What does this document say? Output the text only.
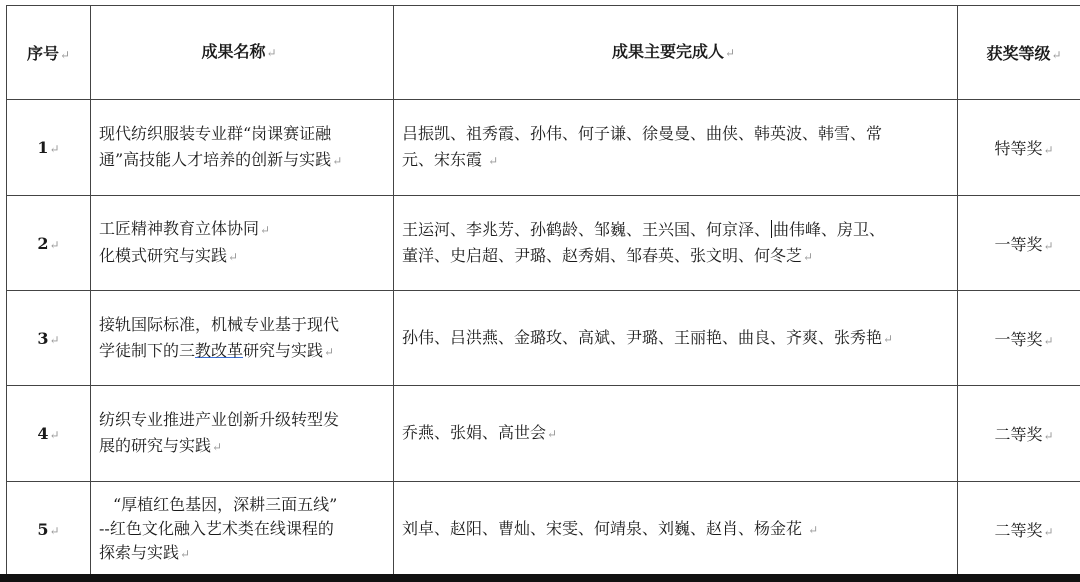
序号↵	成果名称↵	成果主要完成人↵	获奖等级↵
1↵	现代纺织服装专业群“岗课赛证融
通”高技能人才培养的创新与实践↵	吕振凯、祖秀霞、孙伟、何子谦、徐曼曼、曲侠、韩英波、韩雪、常
元、宋东霞 ↵	特等奖↵
2↵	工匠精神教育立体协同↵
化模式研究与实践↵	王运河、李兆芳、孙鹤龄、邹巍、王兴国、何京泽、 曲伟峰、房卫、
董洋、史启超、尹璐、赵秀娟、邹春英、张文明、何冬芝↵	一等奖↵
3↵	接轨国际标准，机械专业基于现代
学徒制下的三教改革研究与实践↵	孙伟、吕洪燕、金璐玫、高斌、尹璐、王丽艳、曲良、齐爽、张秀艳↵	一等奖↵
4↵	纺织专业推进产业创新升级转型发
展的研究与实践↵	乔燕、张娟、高世会↵	二等奖↵
5↵	“厚植红色基因，深耕三面五线”
--红色文化融入艺术类在线课程的
探索与实践↵	刘卓、赵阳、曹灿、宋雯、何靖泉、刘巍、赵肖、杨金花 ↵	二等奖↵
